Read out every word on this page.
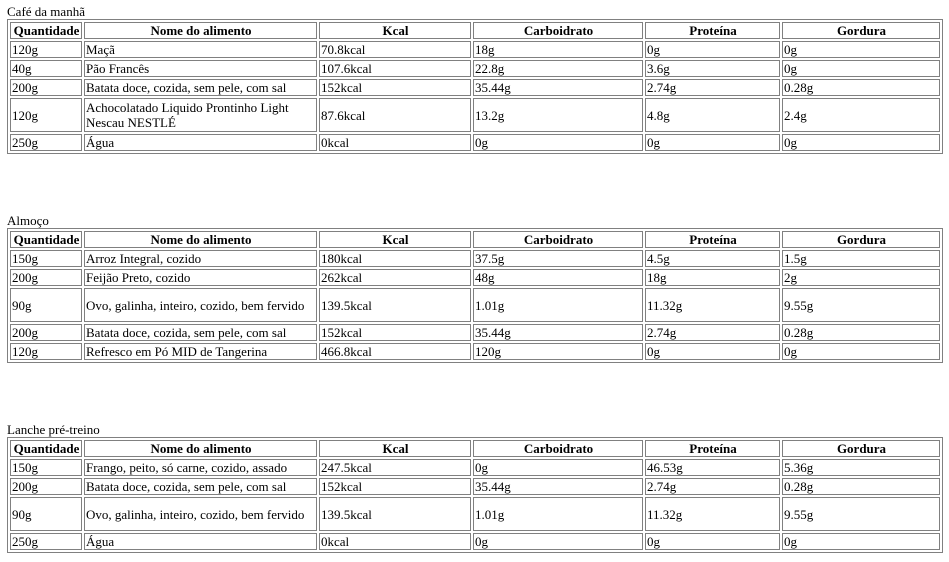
Café da manhã
Quantidade	Nome do alimento	Kcal	Carboidrato	Proteína	Gordura
120g	Maçã	70.8kcal	18g	0g	0g
40g	Pão Francês	107.6kcal	22.8g	3.6g	0g
200g	Batata doce, cozida, sem pele, com sal	152kcal	35.44g	2.74g	0.28g
120g	Achocolatado Liquido Prontinho Light Nescau NESTLÉ	87.6kcal	13.2g	4.8g	2.4g
250g	Água	0kcal	0g	0g	0g
Almoço
Quantidade	Nome do alimento	Kcal	Carboidrato	Proteína	Gordura
150g	Arroz Integral, cozido	180kcal	37.5g	4.5g	1.5g
200g	Feijão Preto, cozido	262kcal	48g	18g	2g
90g	Ovo, galinha, inteiro, cozido, bem fervido	139.5kcal	1.01g	11.32g	9.55g
200g	Batata doce, cozida, sem pele, com sal	152kcal	35.44g	2.74g	0.28g
120g	Refresco em Pó MID de Tangerina	466.8kcal	120g	0g	0g
Lanche pré-treino
Quantidade	Nome do alimento	Kcal	Carboidrato	Proteína	Gordura
150g	Frango, peito, só carne, cozido, assado	247.5kcal	0g	46.53g	5.36g
200g	Batata doce, cozida, sem pele, com sal	152kcal	35.44g	2.74g	0.28g
90g	Ovo, galinha, inteiro, cozido, bem fervido	139.5kcal	1.01g	11.32g	9.55g
250g	Água	0kcal	0g	0g	0g
